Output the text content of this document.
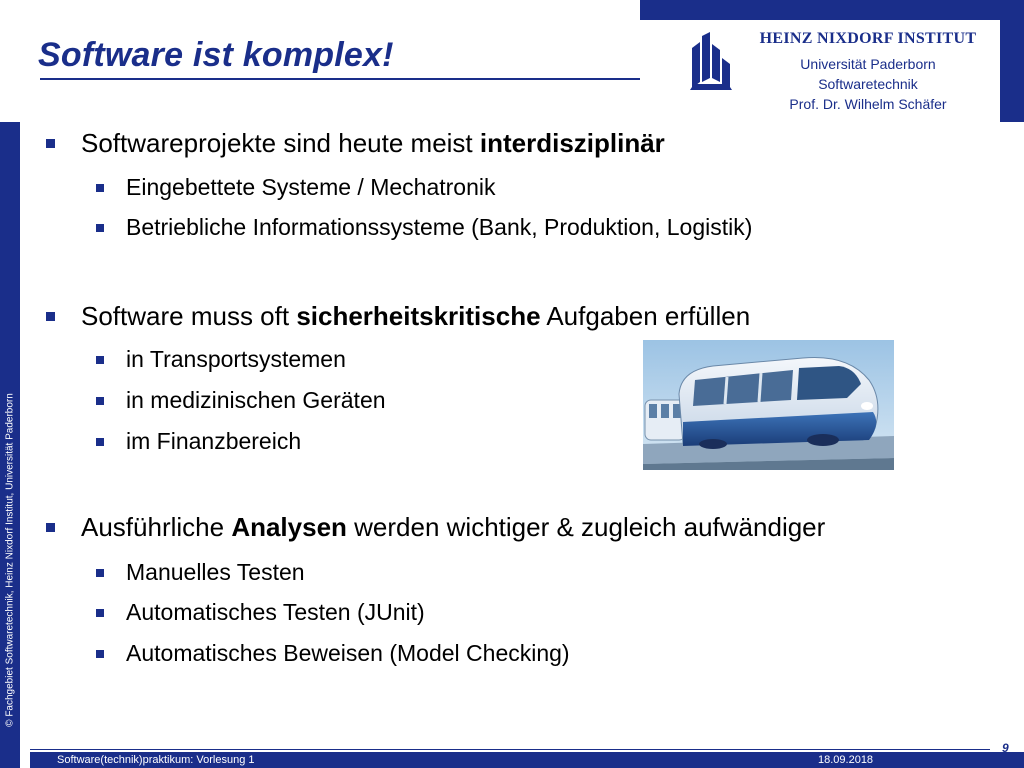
Software ist komplex!	HEINZ NIXDORF INSTITUT
Universität Paderborn
Softwaretechnik
Prof. Dr. Wilhelm Schäfer
© Fachgebiet Softwaretechnik, Heinz Nixdorf Institut, Universität Paderborn
Softwareprojekte sind heute meist interdisziplinär
Eingebettete Systeme / Mechatronik
Betriebliche Informationssysteme (Bank, Produktion, Logistik)
Software muss oft sicherheitskritische Aufgaben erfüllen
in Transportsystemen
in medizinischen Geräten
im Finanzbereich
Ausführliche Analysen werden wichtiger & zugleich aufwändiger
Manuelles Testen
Automatisches Testen (JUnit)
Automatisches Beweisen (Model Checking)
Software(technik)praktikum: Vorlesung 1	18.09.2018
9
